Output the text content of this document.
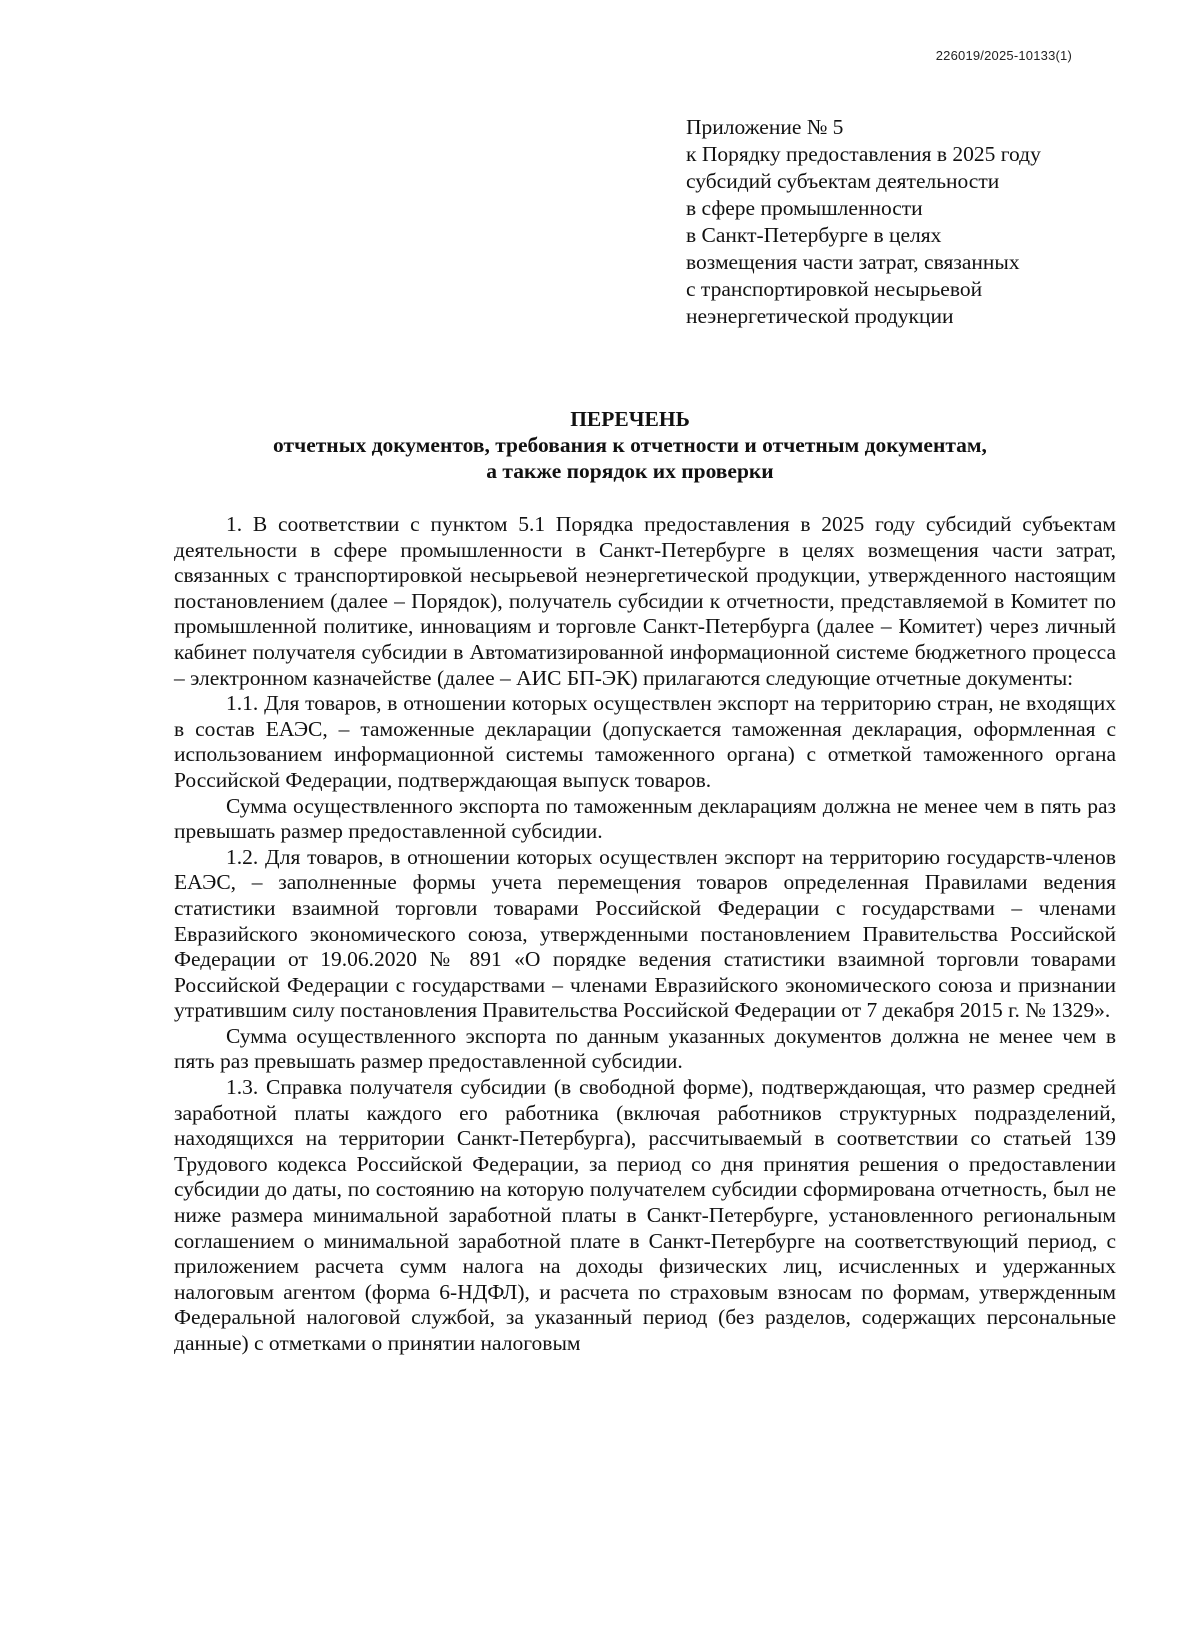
226019/2025-10133(1)
Приложение № 5
к Порядку предоставления в 2025 году
субсидий субъектам деятельности
в сфере промышленности
в Санкт-Петербурге в целях
возмещения части затрат, связанных
с транспортировкой несырьевой
неэнергетической продукции
ПЕРЕЧЕНЬ
отчетных документов, требования к отчетности и отчетным документам,
а также порядок их проверки

1. В соответствии с пунктом 5.1 Порядка предоставления в 2025 году субсидий субъектам деятельности в сфере промышленности в Санкт-Петербурге в целях возмещения части затрат, связанных с транспортировкой несырьевой неэнергетической продукции, утвержденного настоящим постановлением (далее – Порядок), получатель субсидии к отчетности, представляемой в Комитет по промышленной политике, инновациям и торговле Санкт-Петербурга (далее – Комитет) через личный кабинет получателя субсидии в Автоматизированной информационной системе бюджетного процесса – электронном казначействе (далее – АИС БП-ЭК) прилагаются следующие отчетные документы:

1.1. Для товаров, в отношении которых осуществлен экспорт на территорию стран, не входящих в состав ЕАЭС, – таможенные декларации (допускается таможенная декларация, оформленная с использованием информационной системы таможенного органа) с отметкой таможенного органа Российской Федерации, подтверждающая выпуск товаров.

Сумма осуществленного экспорта по таможенным декларациям должна не менее чем в пять раз превышать размер предоставленной субсидии.

1.2. Для товаров, в отношении которых осуществлен экспорт на территорию государств-членов ЕАЭС, – заполненные формы учета перемещения товаров определенная Правилами ведения статистики взаимной торговли товарами Российской Федерации с государствами – членами Евразийского экономического союза, утвержденными постановлением Правительства Российской Федерации от 19.06.2020 № 891 «О порядке ведения статистики взаимной торговли товарами Российской Федерации с государствами – членами Евразийского экономического союза и признании утратившим силу постановления Правительства Российской Федерации от 7 декабря 2015 г. № 1329».

Сумма осуществленного экспорта по данным указанных документов должна не менее чем в пять раз превышать размер предоставленной субсидии.

1.3. Справка получателя субсидии (в свободной форме), подтверждающая, что размер средней заработной платы каждого его работника (включая работников структурных подразделений, находящихся на территории Санкт-Петербурга), рассчитываемый в соответствии со статьей 139 Трудового кодекса Российской Федерации, за период со дня принятия решения о предоставлении субсидии до даты, по состоянию на которую получателем субсидии сформирована отчетность, был не ниже размера минимальной заработной платы в Санкт-Петербурге, установленного региональным соглашением о минимальной заработной плате в Санкт-Петербурге на соответствующий период, с приложением расчета сумм налога на доходы физических лиц, исчисленных и удержанных налоговым агентом (форма 6-НДФЛ), и расчета по страховым взносам по формам, утвержденным Федеральной налоговой службой, за указанный период (без разделов, содержащих персональные данные) с отметками о принятии налоговым
